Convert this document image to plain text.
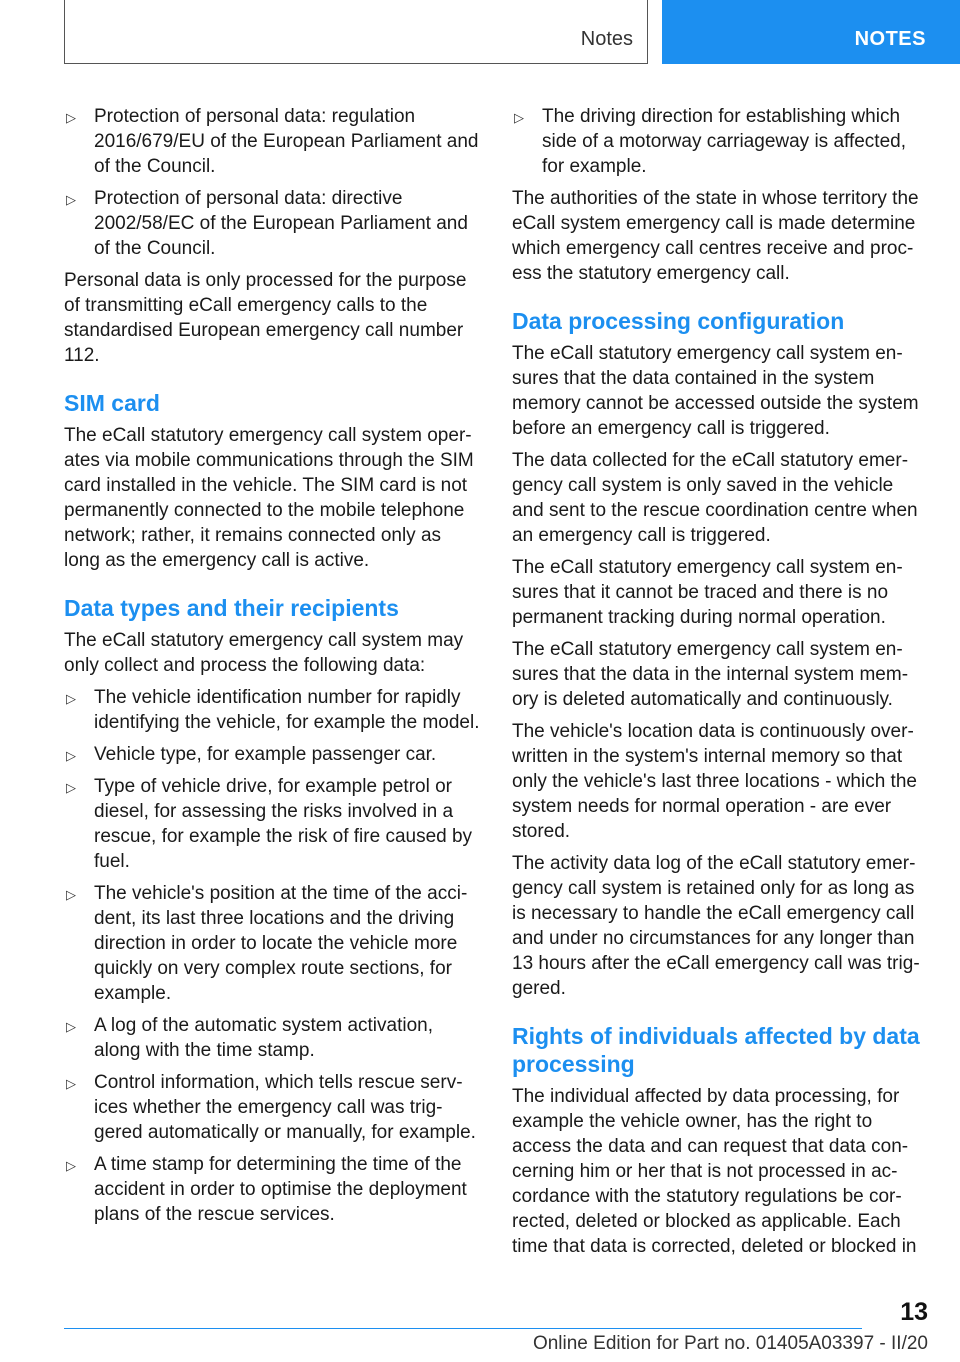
Notes	NOTES
▷ Protection of personal data: regulation 2016/679/EU of the European Parliament and of the Council.
▷ Protection of personal data: directive 2002/58/EC of the European Parliament and of the Council.

Personal data is only processed for the purpose of transmitting eCall emergency calls to the standardised European emergency call number 112.

SIM card

The eCall statutory emergency call system operates via mobile communications through the SIM card installed in the vehicle. The SIM card is not permanently connected to the mobile telephone network; rather, it remains connected only as long as the emergency call is active.

Data types and their recipients

The eCall statutory emergency call system may only collect and process the following data:

▷ The vehicle identification number for rapidly identifying the vehicle, for example the model.
▷ Vehicle type, for example passenger car.
▷ Type of vehicle drive, for example petrol or diesel, for assessing the risks involved in a rescue, for example the risk of fire caused by fuel.
▷ The vehicle's position at the time of the accident, its last three locations and the driving direction in order to locate the vehicle more quickly on very complex route sections, for example.
▷ A log of the automatic system activation, along with the time stamp.
▷ Control information, which tells rescue services whether the emergency call was triggered automatically or manually, for example.
▷ A time stamp for determining the time of the accident in order to optimise the deployment plans of the rescue services.
▷ The driving direction for establishing which side of a motorway carriageway is affected, for example.

The authorities of the state in whose territory the eCall system emergency call is made determine which emergency call centres receive and process the statutory emergency call.

Data processing configuration

The eCall statutory emergency call system ensures that the data contained in the system memory cannot be accessed outside the system before an emergency call is triggered.

The data collected for the eCall statutory emergency call system is only saved in the vehicle and sent to the rescue coordination centre when an emergency call is triggered.

The eCall statutory emergency call system ensures that it cannot be traced and there is no permanent tracking during normal operation.

The eCall statutory emergency call system ensures that the data in the internal system memory is deleted automatically and continuously.

The vehicle's location data is continuously overwritten in the system's internal memory so that only the vehicle's last three locations - which the system needs for normal operation - are ever stored.

The activity data log of the eCall statutory emergency call system is retained only for as long as is necessary to handle the eCall emergency call and under no circumstances for any longer than 13 hours after the eCall emergency call was triggered.

Rights of individuals affected by data processing

The individual affected by data processing, for example the vehicle owner, has the right to access the data and can request that data concerning him or her that is not processed in accordance with the statutory regulations be corrected, deleted or blocked as applicable. Each time that data is corrected, deleted or blocked in

13
Online Edition for Part no. 01405A03397 - II/20
